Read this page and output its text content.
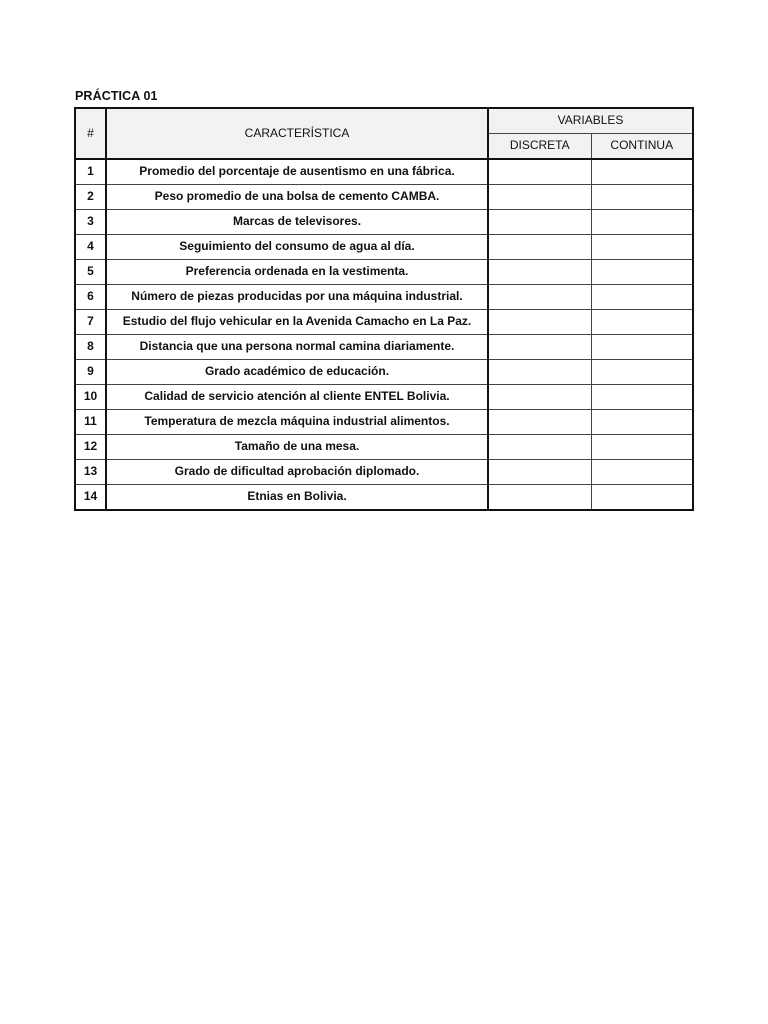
PRÁCTICA 01
#	CARACTERÍSTICA	VARIABLES	
		DISCRETA	CONTINUA
1	Promedio del porcentaje de ausentismo en una fábrica.		
2	Peso promedio de una bolsa de cemento CAMBA.		
3	Marcas de televisores.		
4	Seguimiento del consumo de agua al día.		
5	Preferencia ordenada en la vestimenta.		
6	Número de piezas producidas por una máquina industrial.		
7	Estudio del flujo vehicular en la Avenida Camacho en La Paz.		
8	Distancia que una persona normal camina diariamente.		
9	Grado académico de educación.		
10	Calidad de servicio atención al cliente ENTEL Bolivia.		
11	Temperatura de mezcla máquina industrial alimentos.		
12	Tamaño de una mesa.		
13	Grado de dificultad aprobación diplomado.		
14	Etnias en Bolivia.		
